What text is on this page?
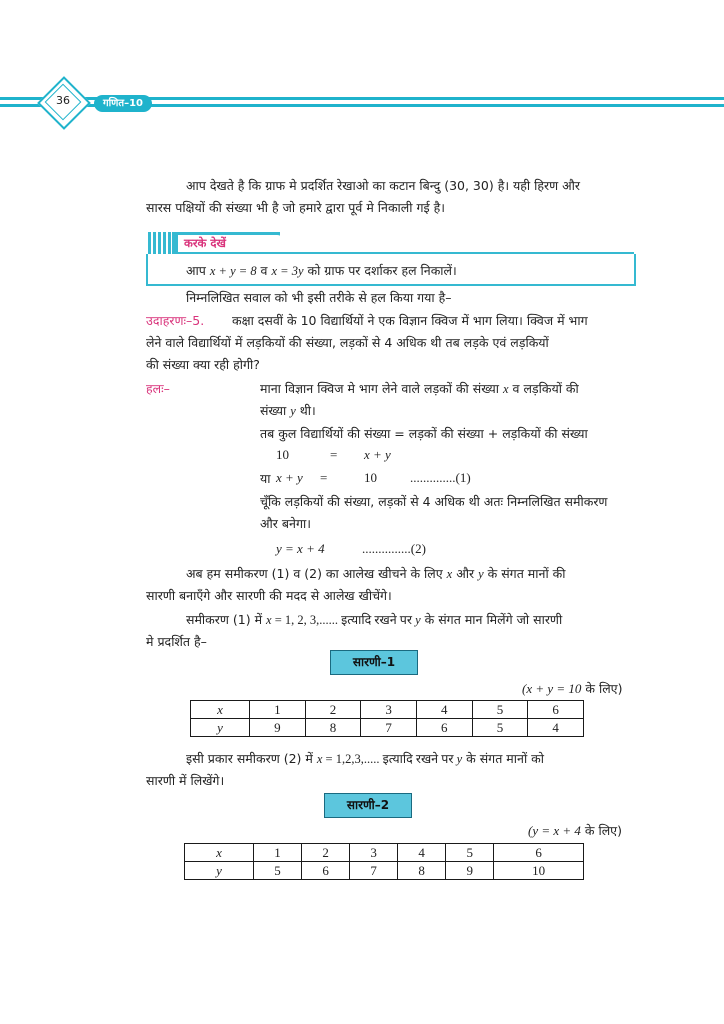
36	गणित–10
आप देखते है कि ग्राफ मे प्रदर्शित रेखाओ का कटान बिन्दु (30, 30) है। यही हिरण और
सारस पक्षियों की संख्या भी है जो हमारे द्वारा पूर्व मे निकाली गई है।
करके देखें
आप x + y = 8 व x = 3y को ग्राफ पर दर्शाकर हल निकालें।
निम्नलिखित सवाल को भी इसी तरीके से हल किया गया है–
उदाहरणः–5. कक्षा दसवीं के 10 विद्यार्थियों ने एक विज्ञान क्विज में भाग लिया। क्विज में भाग
लेने वाले विद्यार्थियों में लड़कियों की संख्या, लड़कों से 4 अधिक थी तब लड़के एवं लड़कियों
की संख्या क्या रही होगी?
हलः–	माना विज्ञान क्विज मे भाग लेने वाले लड़कों की संख्या x व लड़कियों की
संख्या y थी।
तब कुल विद्यार्थियों की संख्या = लड़कों की संख्या + लड़कियों की संख्या
10	= x + y
या x + y =	10	..............(1)
चूँकि लड़कियों की संख्या, लड़कों से 4 अधिक थी अतः निम्नलिखित समीकरण
और बनेगा।
y = x + 4	...............(2)
अब हम समीकरण (1) व (2) का आलेख खीचने के लिए x और y के संगत मानों की
सारणी बनाएँगे और सारणी की मदद से आलेख खीचेंगे।
समीकरण (1) में x = 1, 2, 3,...... इत्यादि रखने पर y के संगत मान मिलेंगे जो सारणी
मे प्रदर्शित है–
सारणी–1
(x + y = 10 के लिए)
x	1	2	3	4	5	6
y	9	8	7	6	5	4
इसी प्रकार समीकरण (2) में x = 1,2,3,..... इत्यादि रखने पर y के संगत मानों को
सारणी में लिखेंगे।
सारणी–2
(y = x + 4 के लिए)
x	1	2	3	4	5	6
y	5	6	7	8	9	10
